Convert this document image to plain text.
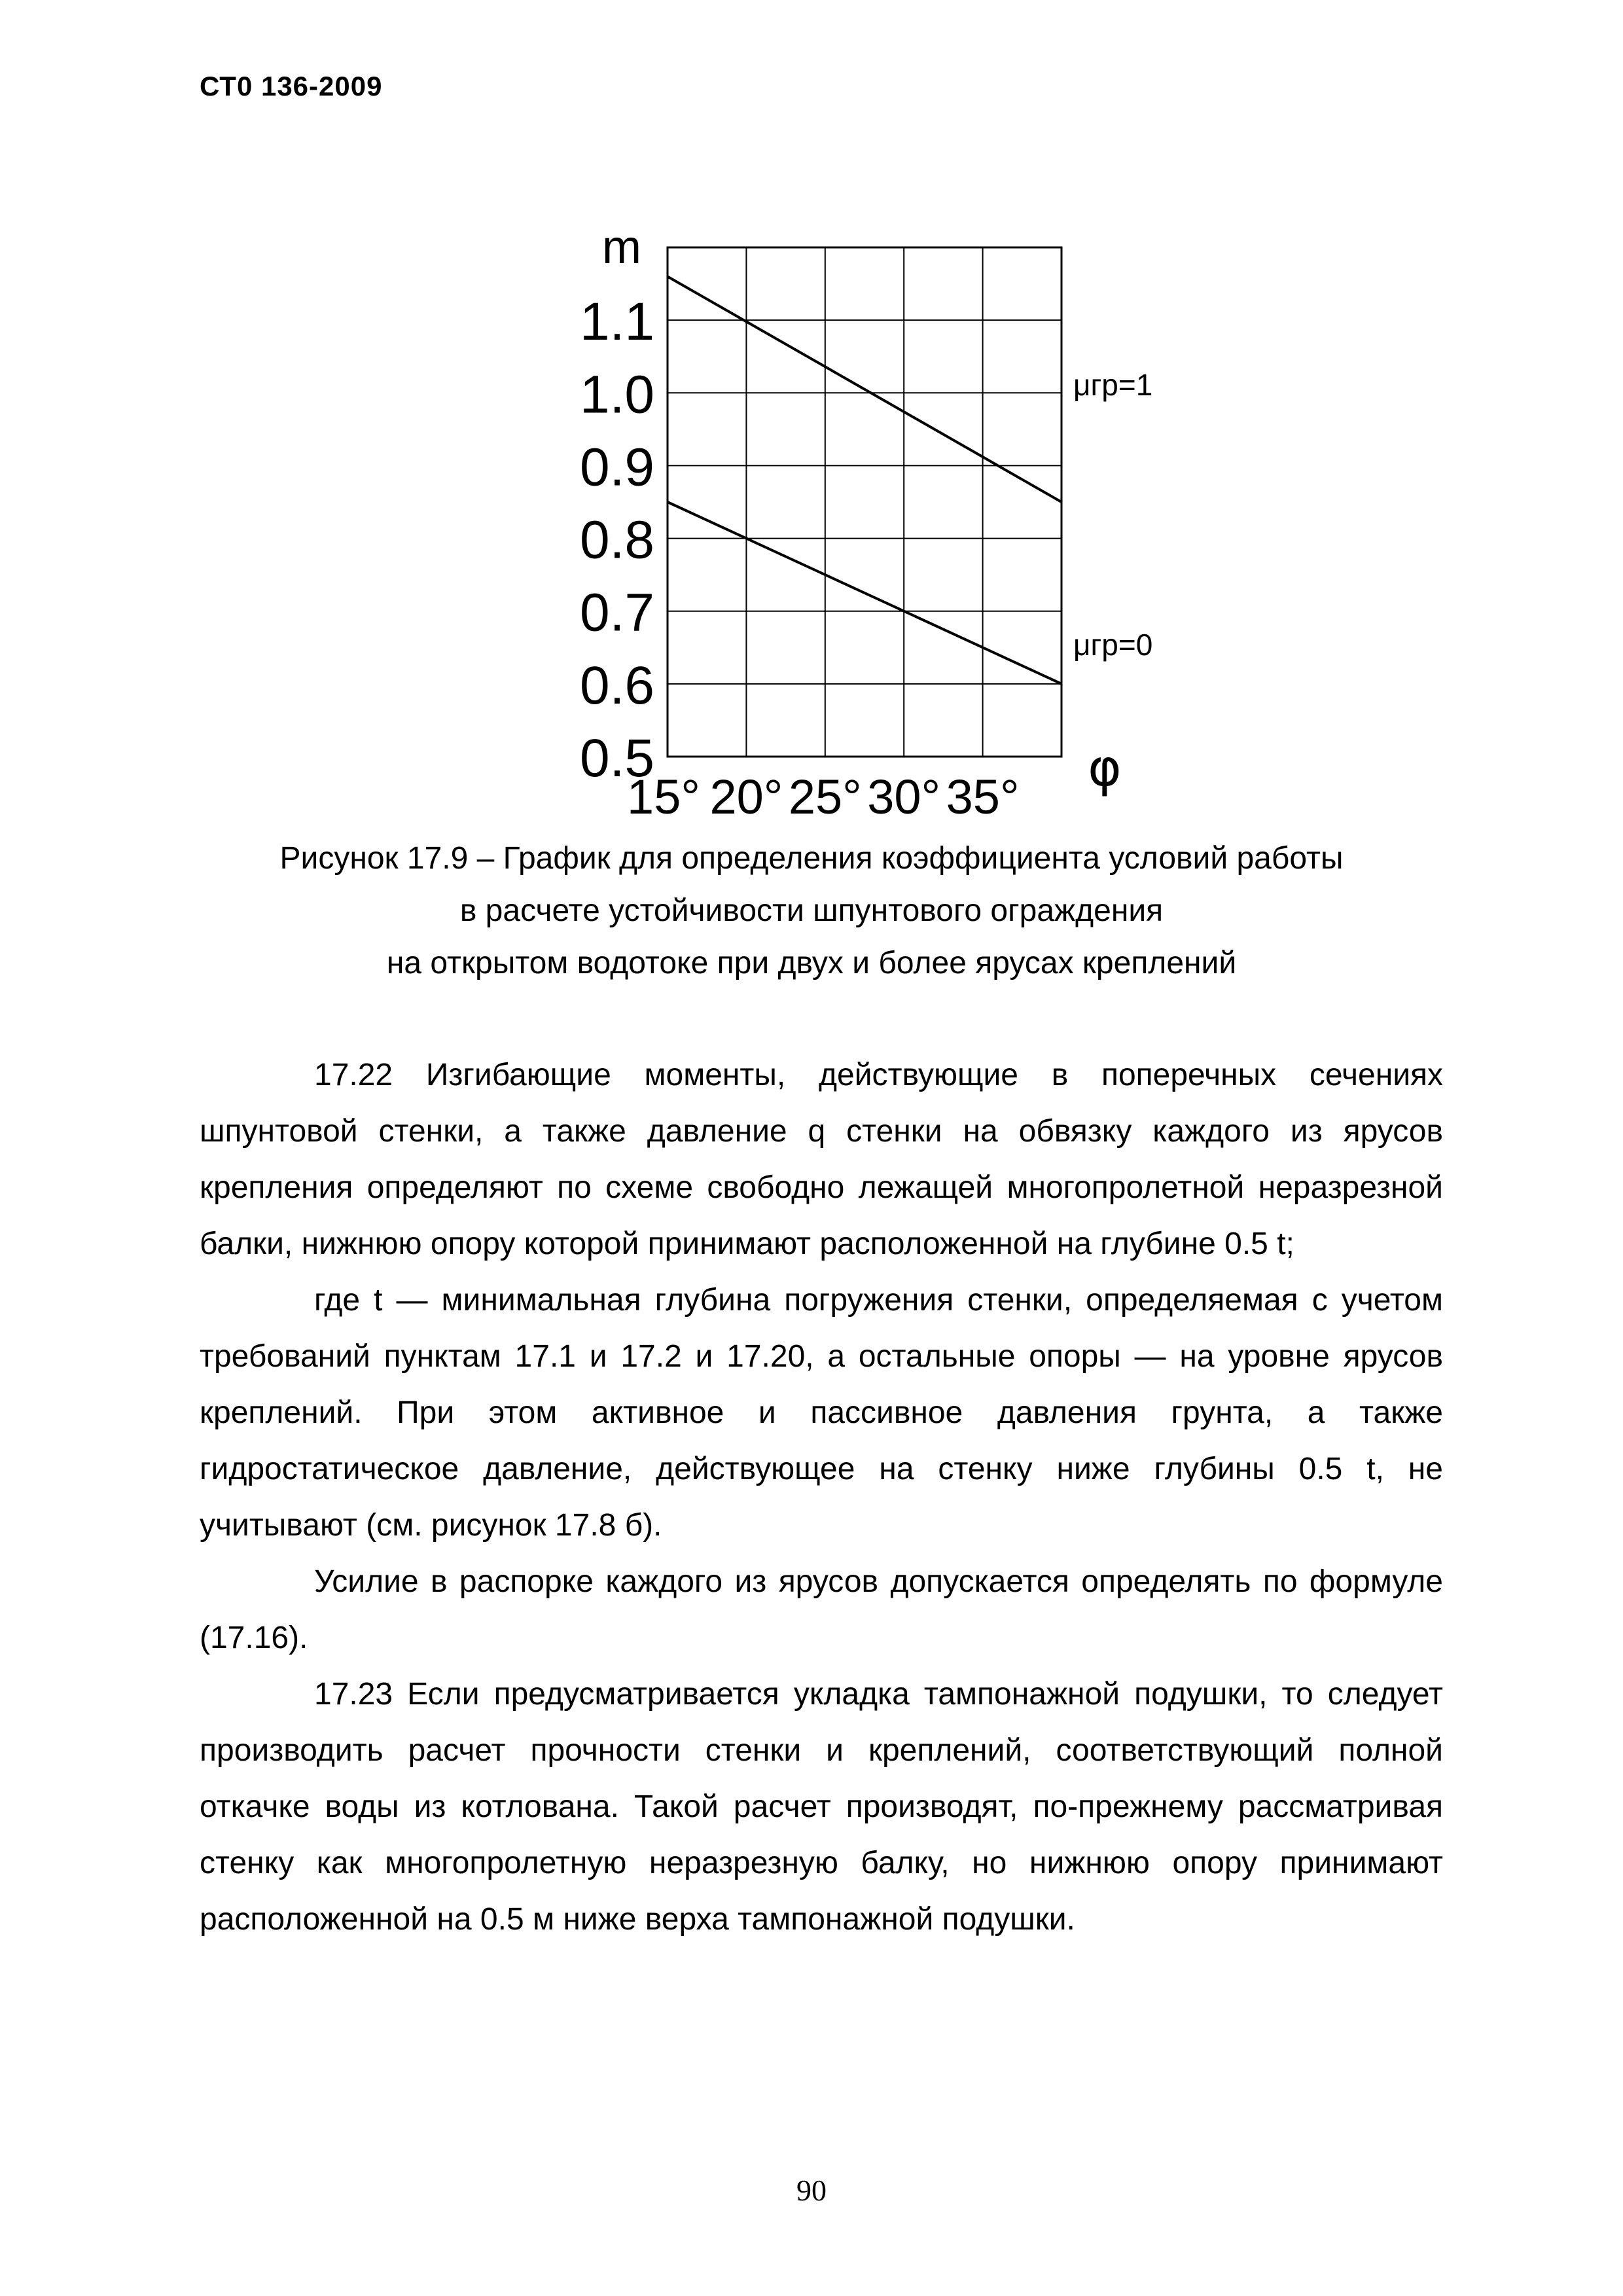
СТ0 136-2009
1.1
1.0
0.9
0.8
0.7
0.6
0.5
m
15° 20° 25° 30° 35° φ
μгр=1
μгр=0
Рисунок 17.9 – График для определения коэффициента условий работы
в расчете устойчивости шпунтового ограждения
на открытом водотоке при двух и более ярусах креплений

17.22 Изгибающие моменты, действующие в поперечных сечениях шпунтовой стенки, а также давление q стенки на обвязку каждого из ярусов крепления определяют по схеме свободно лежащей многопролетной неразрезной балки, нижнюю опору которой принимают расположенной на глубине 0.5 t;

где t — минимальная глубина погружения стенки, определяемая с учетом требований пунктам 17.1 и 17.2 и 17.20, а остальные опоры — на уровне ярусов креплений. При этом активное и пассивное давления грунта, а также гидростатическое давление, действующее на стенку ниже глубины 0.5 t, не учитывают (см. рисунок 17.8 б).

Усилие в распорке каждого из ярусов допускается определять по формуле (17.16).

17.23 Если предусматривается укладка тампонажной подушки, то следует производить расчет прочности стенки и креплений, соответствующий полной откачке воды из котлована. Такой расчет производят, по-прежнему рассматривая стенку как многопролетную неразрезную балку, но нижнюю опору принимают расположенной на 0.5 м ниже верха тампонажной подушки.

90
